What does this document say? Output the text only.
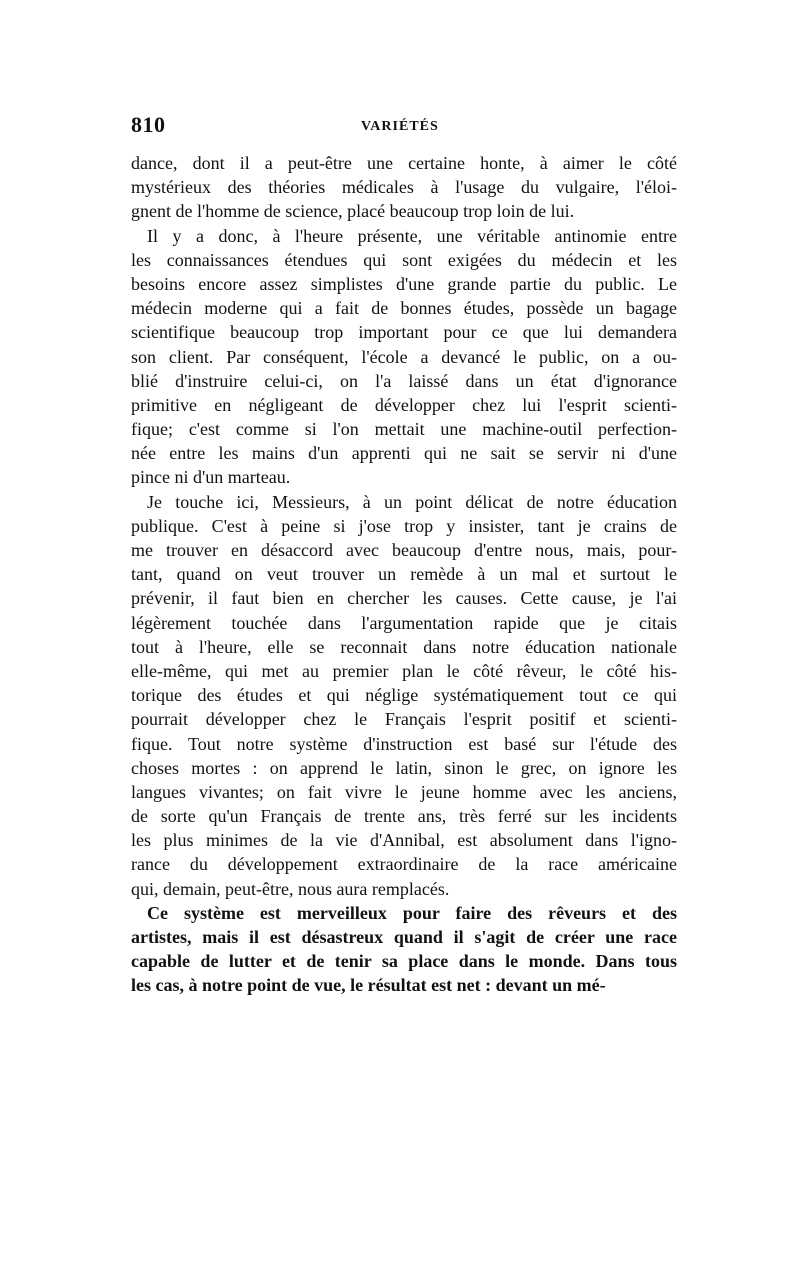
810	VARIÉTÉS
dance, dont il a peut-être une certaine honte, à aimer le côté
mystérieux des théories médicales à l'usage du vulgaire, l'éloi-
gnent de l'homme de science, placé beaucoup trop loin de lui.
Il y a donc, à l'heure présente, une véritable antinomie entre
les connaissances étendues qui sont exigées du médecin et les
besoins encore assez simplistes d'une grande partie du public. Le
médecin moderne qui a fait de bonnes études, possède un bagage
scientifique beaucoup trop important pour ce que lui demandera
son client. Par conséquent, l'école a devancé le public, on a ou-
blié d'instruire celui-ci, on l'a laissé dans un état d'ignorance
primitive en négligeant de développer chez lui l'esprit scienti-
fique; c'est comme si l'on mettait une machine-outil perfection-
née entre les mains d'un apprenti qui ne sait se servir ni d'une
pince ni d'un marteau.
Je touche ici, Messieurs, à un point délicat de notre éducation
publique. C'est à peine si j'ose trop y insister, tant je crains de
me trouver en désaccord avec beaucoup d'entre nous, mais, pour-
tant, quand on veut trouver un remède à un mal et surtout le
prévenir, il faut bien en chercher les causes. Cette cause, je l'ai
légèrement touchée dans l'argumentation rapide que je citais
tout à l'heure, elle se reconnait dans notre éducation nationale
elle-même, qui met au premier plan le côté rêveur, le côté his-
torique des études et qui néglige systématiquement tout ce qui
pourrait développer chez le Français l'esprit positif et scienti-
fique. Tout notre système d'instruction est basé sur l'étude des
choses mortes : on apprend le latin, sinon le grec, on ignore les
langues vivantes; on fait vivre le jeune homme avec les anciens,
de sorte qu'un Français de trente ans, très ferré sur les incidents
les plus minimes de la vie d'Annibal, est absolument dans l'igno-
rance du développement extraordinaire de la race américaine
qui, demain, peut-être, nous aura remplacés.
Ce système est merveilleux pour faire des rêveurs et des
artistes, mais il est désastreux quand il s'agit de créer une race
capable de lutter et de tenir sa place dans le monde. Dans tous
les cas, à notre point de vue, le résultat est net : devant un mé-
